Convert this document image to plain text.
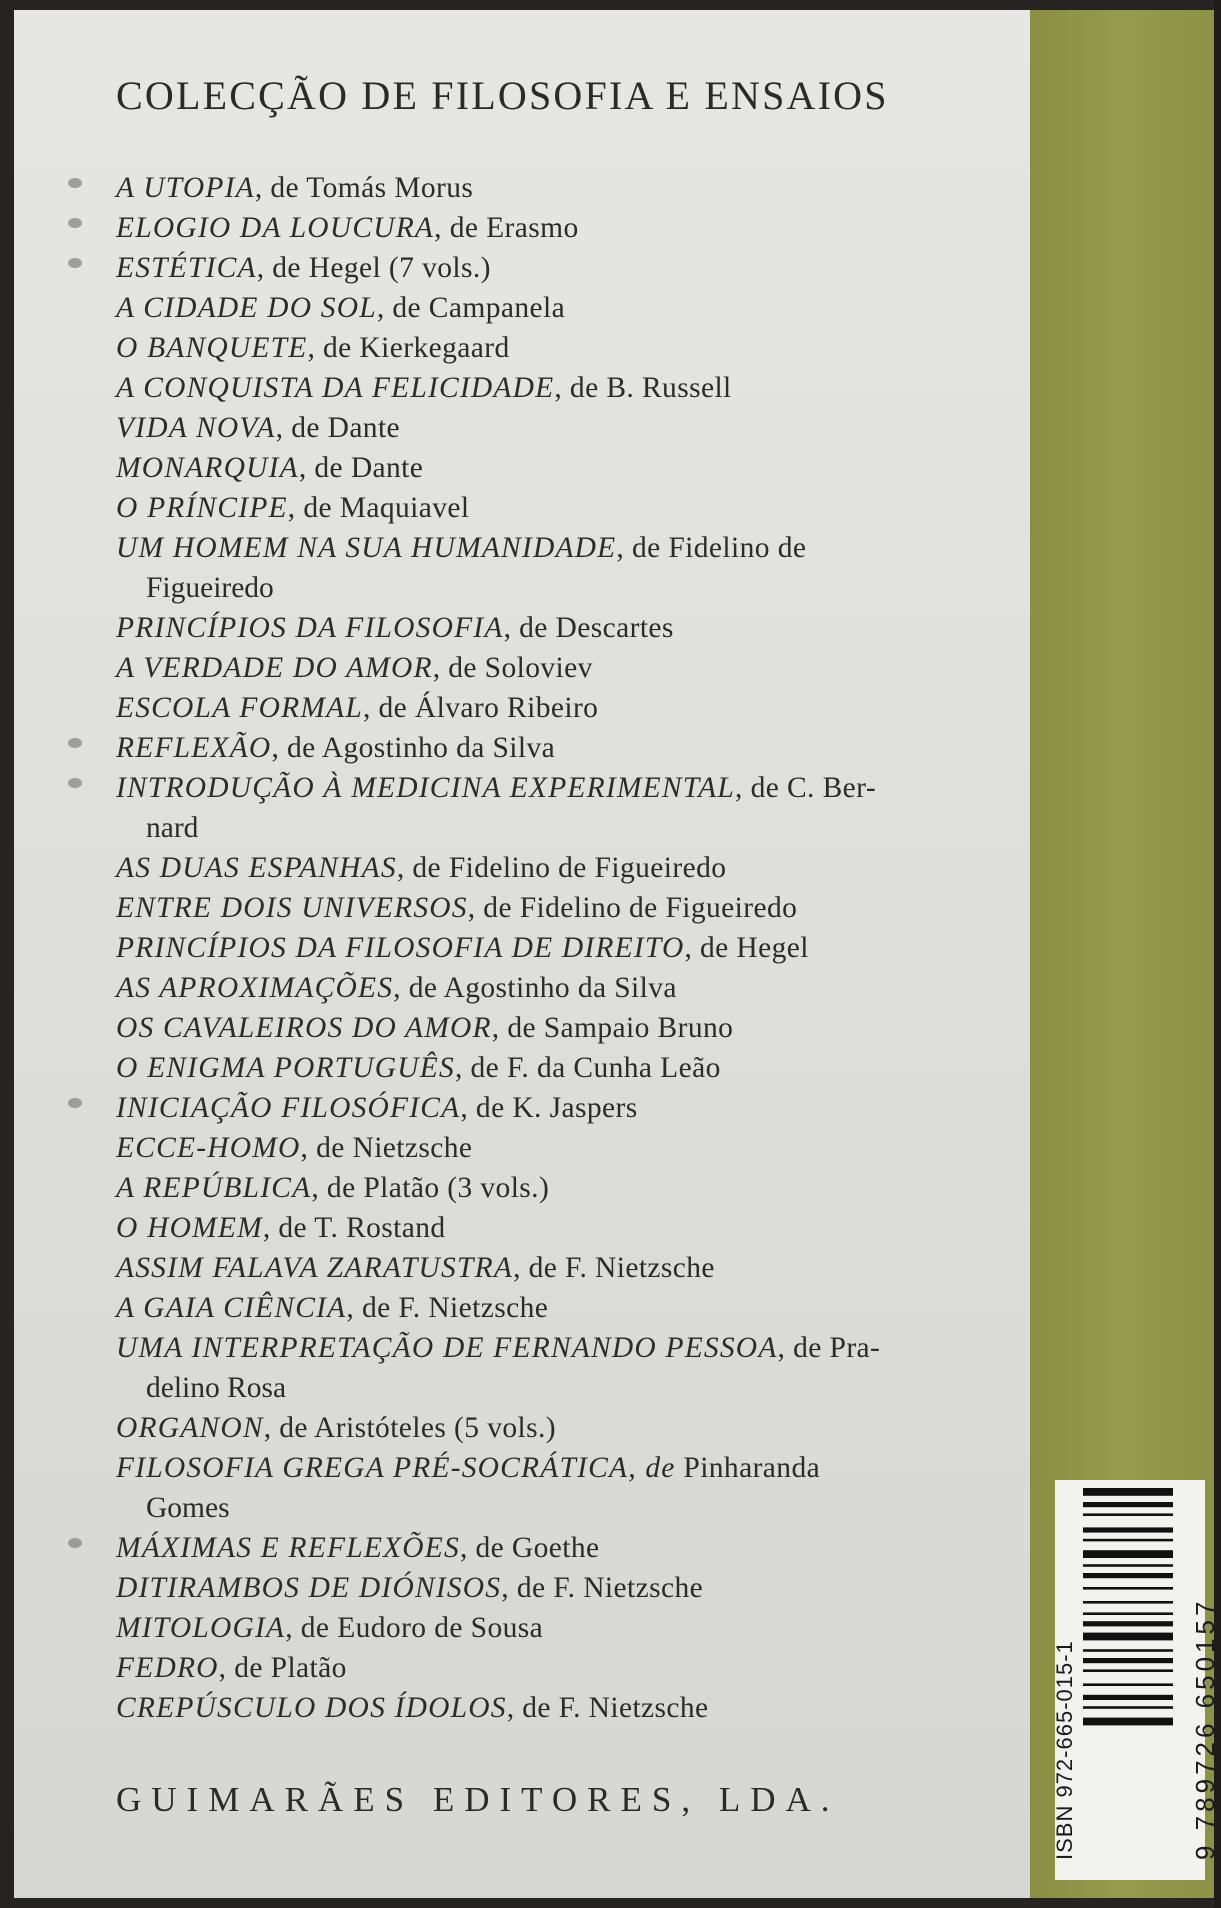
COLECÇÃO DE FILOSOFIA E ENSAIOS
A UTOPIA, de Tomás Morus
ELOGIO DA LOUCURA, de Erasmo
ESTÉTICA, de Hegel (7 vols.)
A CIDADE DO SOL, de Campanela
O BANQUETE, de Kierkegaard
A CONQUISTA DA FELICIDADE, de B. Russell
VIDA NOVA, de Dante
MONARQUIA, de Dante
O PRÍNCIPE, de Maquiavel
UM HOMEM NA SUA HUMANIDADE, de Fidelino de
Figueiredo
PRINCÍPIOS DA FILOSOFIA, de Descartes
A VERDADE DO AMOR, de Soloviev
ESCOLA FORMAL, de Álvaro Ribeiro
REFLEXÃO, de Agostinho da Silva
INTRODUÇÃO À MEDICINA EXPERIMENTAL, de C. Ber-
nard
AS DUAS ESPANHAS, de Fidelino de Figueiredo
ENTRE DOIS UNIVERSOS, de Fidelino de Figueiredo
PRINCÍPIOS DA FILOSOFIA DE DIREITO, de Hegel
AS APROXIMAÇÕES, de Agostinho da Silva
OS CAVALEIROS DO AMOR, de Sampaio Bruno
O ENIGMA PORTUGUÊS, de F. da Cunha Leão
INICIAÇÃO FILOSÓFICA, de K. Jaspers
ECCE-HOMO, de Nietzsche
A REPÚBLICA, de Platão (3 vols.)
O HOMEM, de T. Rostand
ASSIM FALAVA ZARATUSTRA, de F. Nietzsche
A GAIA CIÊNCIA, de F. Nietzsche
UMA INTERPRETAÇÃO DE FERNANDO PESSOA, de Pra-
delino Rosa
ORGANON, de Aristóteles (5 vols.)
FILOSOFIA GREGA PRÉ-SOCRÁTICA, de Pinharanda
Gomes
MÁXIMAS E REFLEXÕES, de Goethe
DITIRAMBOS DE DIÓNISOS, de F. Nietzsche
MITOLOGIA, de Eudoro de Sousa
FEDRO, de Platão
CREPÚSCULO DOS ÍDOLOS, de F. Nietzsche
GUIMARÃES EDITORES, LDA.	ISBN 972-665-015-1	9 789726 650157
